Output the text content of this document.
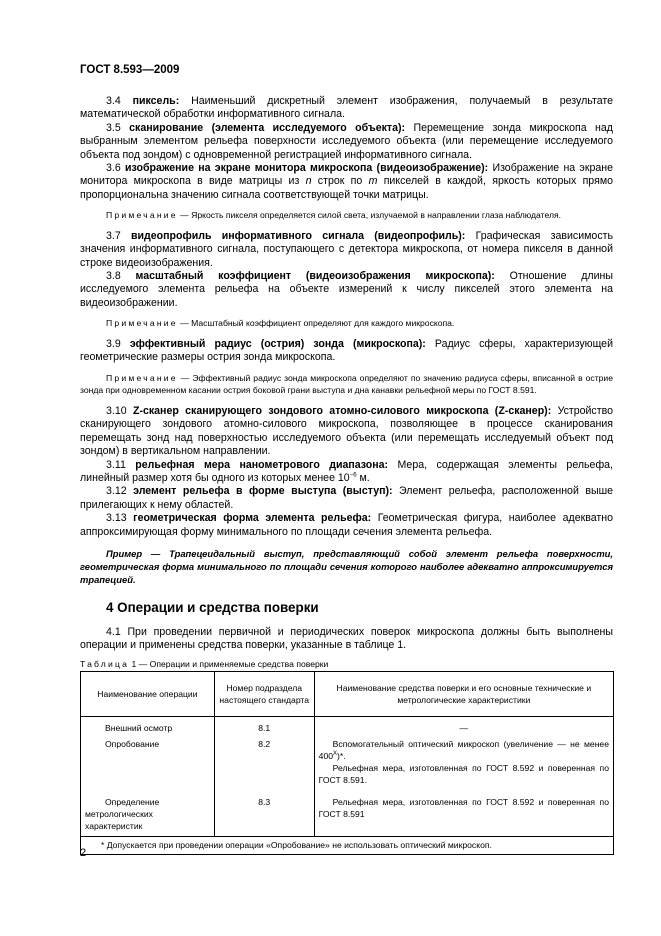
ГОСТ 8.593—2009

3.4 пиксель: Наименьший дискретный элемент изображения, получаемый в результате математической обработки информативного сигнала.

3.5 сканирование (элемента исследуемого объекта): Перемещение зонда микроскопа над выбранным элементом рельефа поверхности исследуемого объекта (или перемещение исследуемого объекта под зондом) с одновременной регистрацией информативного сигнала.

3.6 изображение на экране монитора микроскопа (видеоизображение): Изображение на экране монитора микроскопа в виде матрицы из n строк по m пикселей в каждой, яркость которых прямо пропорциональна значению сигнала соответствующей точки матрицы.

Примечание — Яркость пикселя определяется силой света, излучаемой в направлении глаза наблюдателя.

3.7 видеопрофиль информативного сигнала (видеопрофиль): Графическая зависимость значения информативного сигнала, поступающего с детектора микроскопа, от номера пикселя в данной строке видеоизображения.

3.8 масштабный коэффициент (видеоизображения микроскопа): Отношение длины исследуемого элемента рельефа на объекте измерений к числу пикселей этого элемента на видеоизображении.

Примечание — Масштабный коэффициент определяют для каждого микроскопа.

3.9 эффективный радиус (острия) зонда (микроскопа): Радиус сферы, характеризующей геометрические размеры острия зонда микроскопа.

Примечание — Эффективный радиус зонда микроскопа определяют по значению радиуса сферы, вписанной в острие зонда при одновременном касании острия боковой грани выступа и дна канавки рельефной меры по ГОСТ 8.591.

3.10 Z-сканер сканирующего зондового атомно-силового микроскопа (Z-сканер): Устройство сканирующего зондового атомно-силового микроскопа, позволяющее в процессе сканирования перемещать зонд над поверхностью исследуемого объекта (или перемещать исследуемый объект под зондом) в вертикальном направлении.

3.11 рельефная мера нанометрового диапазона: Мера, содержащая элементы рельефа, линейный размер хотя бы одного из которых менее $10^{-6}$ м.

3.12 элемент рельефа в форме выступа (выступ): Элемент рельефа, расположенной выше прилегающих к нему областей.

3.13 геометрическая форма элемента рельефа: Геометрическая фигура, наиболее адекватно аппроксимирующая форму минимального по площади сечения элемента рельефа.

Пример — Трапецеидальный выступ, представляющий собой элемент рельефа поверхности, геометрическая форма минимального по площади сечения которого наиболее адекватно аппроксимируется трапецией.

4 Операции и средства поверки

4.1 При проведении первичной и периодических поверок микроскопа должны быть выполнены операции и применены средства поверки, указанные в таблице 1.

Таблица 1 — Операции и применяемые средства поверки
Наименование операции	Номер подраздела настоящего стандарта	Наименование средства поверки и его основные технические и метрологические характеристики
Внешний осмотр	8.1	—
Опробование	8.2	Вспомогательный оптический микроскоп (увеличение — не менее $400^X)*$.

Рельефная мера, изготовленная по ГОСТ 8.592 и поверенная по ГОСТ 8.591.

Определение метрологических характеристик	8.3	Рельефная мера, изготовленная по ГОСТ 8.592 и поверенная по ГОСТ 8.591

* Допускается при проведении операции «Опробование» не использовать оптический микроскоп.		
2
